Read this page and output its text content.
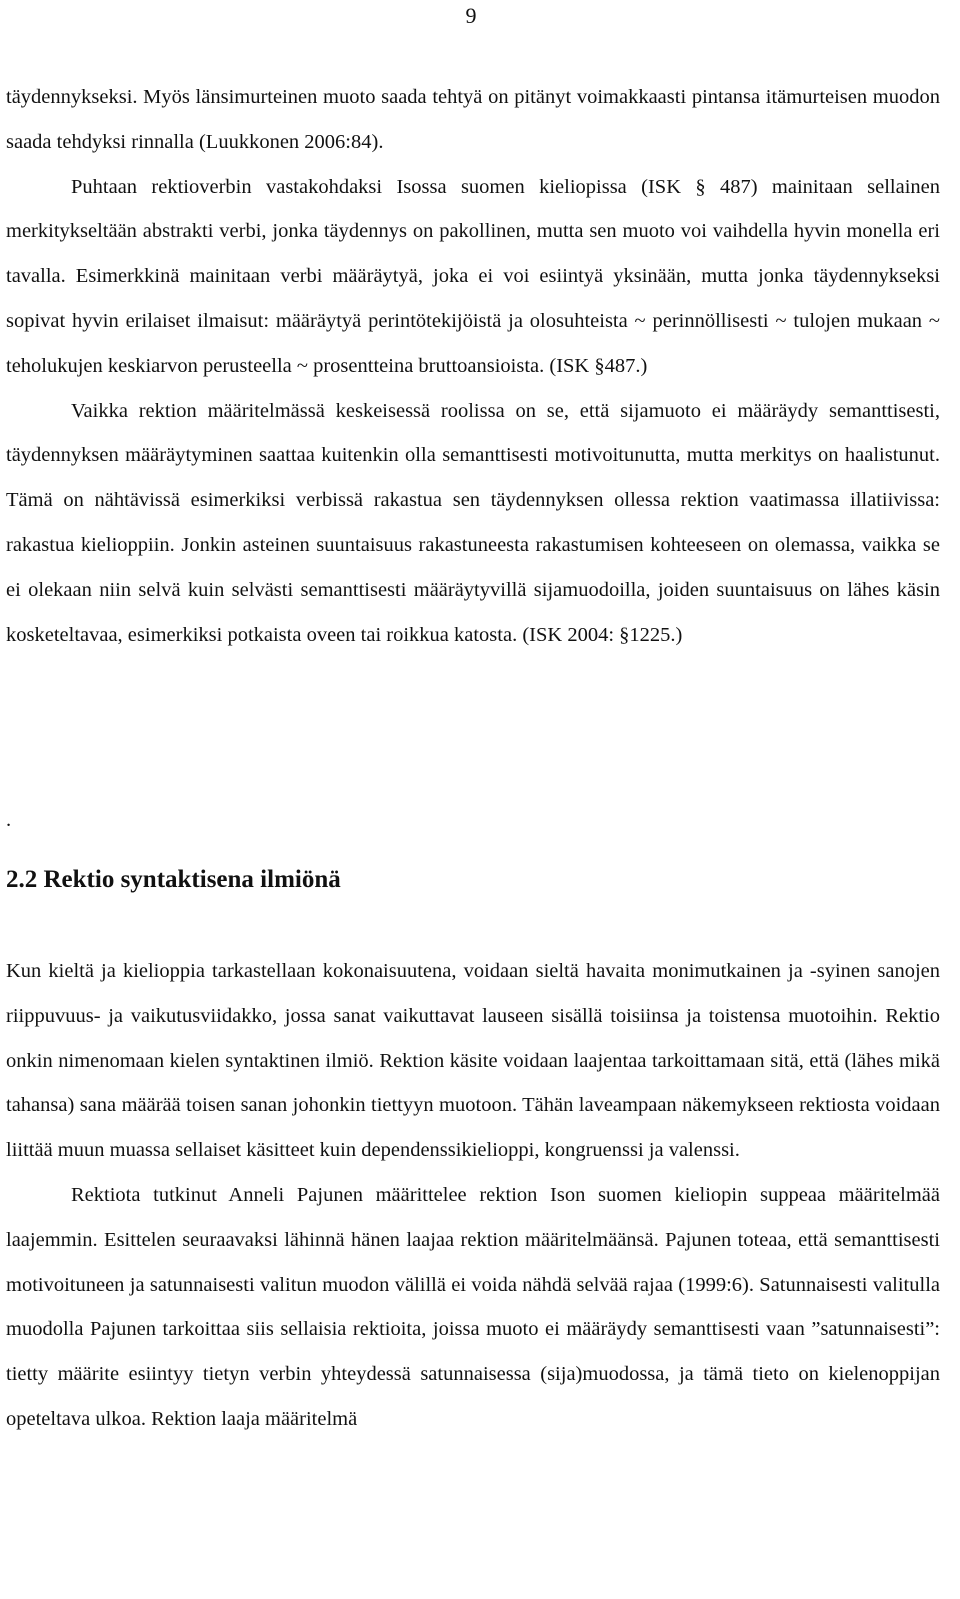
9

täydennykseksi. Myös länsimurteinen muoto saada tehtyä on pitänyt voimakkaasti pintansa itämurteisen muodon saada tehdyksi rinnalla (Luukkonen 2006:84).

Puhtaan rektioverbin vastakohdaksi Isossa suomen kieliopissa (ISK § 487) mainitaan sellainen merkitykseltään abstrakti verbi, jonka täydennys on pakollinen, mutta sen muoto voi vaihdella hyvin monella eri tavalla. Esimerkkinä mainitaan verbi määräytyä, joka ei voi esiintyä yksinään, mutta jonka täydennykseksi sopivat hyvin erilaiset ilmaisut: määräytyä perintötekijöistä ja olosuhteista ~ perinnöllisesti ~ tulojen mukaan ~ teholukujen keskiarvon perusteella ~ prosentteina bruttoansioista. (ISK §487.)

Vaikka rektion määritelmässä keskeisessä roolissa on se, että sijamuoto ei määräydy semanttisesti, täydennyksen määräytyminen saattaa kuitenkin olla semanttisesti motivoitunutta, mutta merkitys on haalistunut. Tämä on nähtävissä esimerkiksi verbissä rakastua sen täydennyksen ollessa rektion vaatimassa illatiivissa: rakastua kielioppiin. Jonkin asteinen suuntaisuus rakastuneesta rakastumisen kohteeseen on olemassa, vaikka se ei olekaan niin selvä kuin selvästi semanttisesti määräytyvillä sijamuodoilla, joiden suuntaisuus on lähes käsin kosketeltavaa, esimerkiksi potkaista oveen tai roikkua katosta. (ISK 2004: §1225.)

.

2.2 Rektio syntaktisena ilmiönä

Kun kieltä ja kielioppia tarkastellaan kokonaisuutena, voidaan sieltä havaita monimutkainen ja -syinen sanojen riippuvuus- ja vaikutusviidakko, jossa sanat vaikuttavat lauseen sisällä toisiinsa ja toistensa muotoihin. Rektio onkin nimenomaan kielen syntaktinen ilmiö. Rektion käsite voidaan laajentaa tarkoittamaan sitä, että (lähes mikä tahansa) sana määrää toisen sanan johonkin tiettyyn muotoon. Tähän laveampaan näkemykseen rektiosta voidaan liittää muun muassa sellaiset käsitteet kuin dependenssikielioppi, kongruenssi ja valenssi.

Rektiota tutkinut Anneli Pajunen määrittelee rektion Ison suomen kieliopin suppeaa määritelmää laajemmin. Esittelen seuraavaksi lähinnä hänen laajaa rektion määritelmäänsä. Pajunen toteaa, että semanttisesti motivoituneen ja satunnaisesti valitun muodon välillä ei voida nähdä selvää rajaa (1999:6). Satunnaisesti valitulla muodolla Pajunen tarkoittaa siis sellaisia rektioita, joissa muoto ei määräydy semanttisesti vaan ”satunnaisesti”: tietty määrite esiintyy tietyn verbin yhteydessä satunnaisessa (sija)muodossa, ja tämä tieto on kielenoppijan opeteltava ulkoa. Rektion laaja määritelmä
